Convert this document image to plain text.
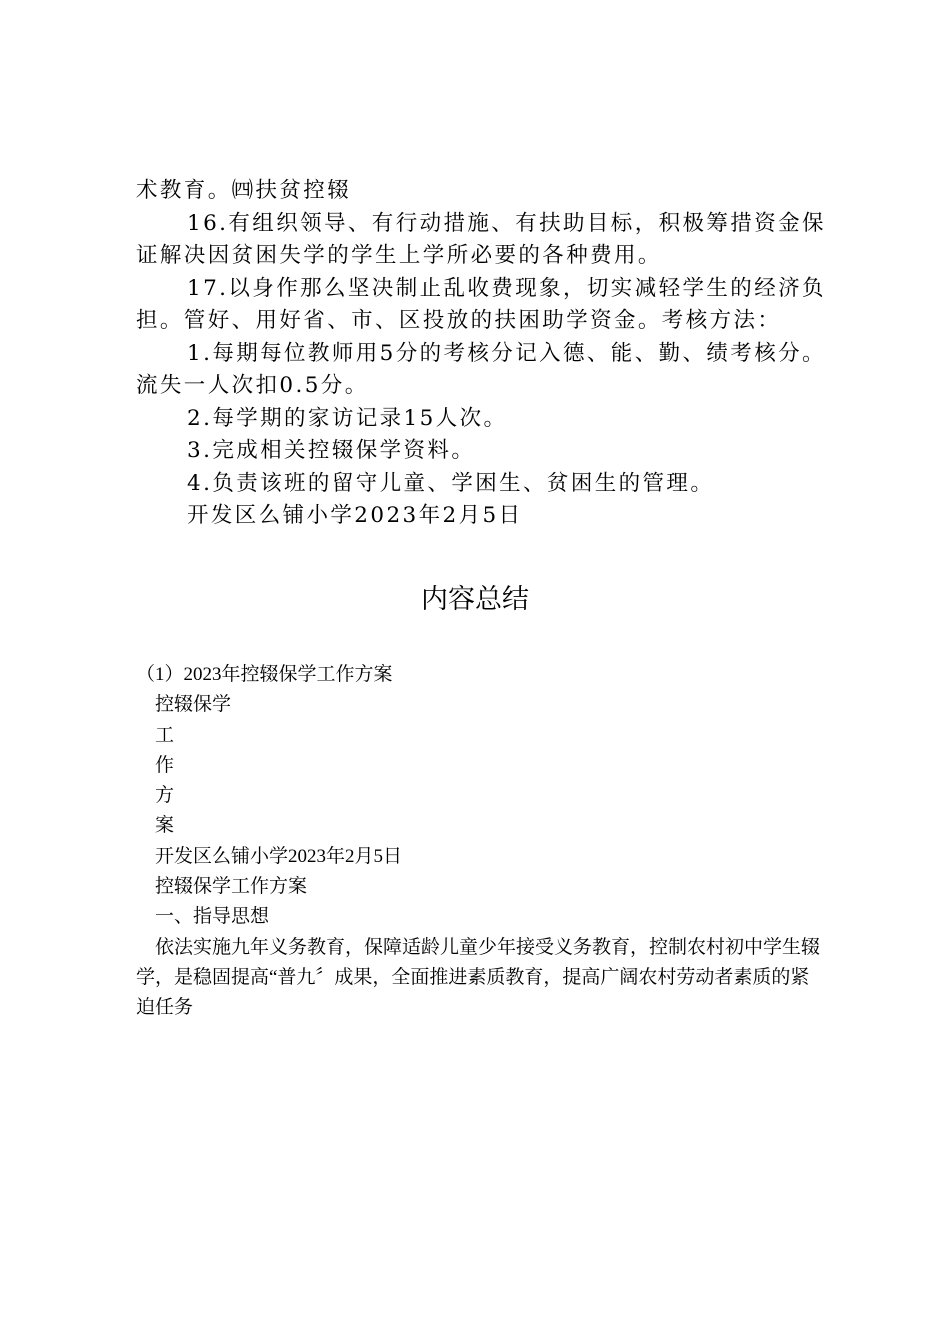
术教育。㈣扶贫控辍

16.有组织领导、有行动措施、有扶助目标，积极筹措资金保证解决因贫困失学的学生上学所必要的各种费用。

17.以身作那么坚决制止乱收费现象，切实减轻学生的经济负担。管好、用好省、市、区投放的扶困助学资金。考核方法：

1.每期每位教师用5分的考核分记入德、能、勤、绩考核分。流失一人次扣0.5分。

2.每学期的家访记录15人次。

3.完成相关控辍保学资料。

4.负责该班的留守儿童、学困生、贫困生的管理。

开发区么铺小学2023年2月5日

内容总结

（1）2023年控辍保学工作方案

控辍保学

工

作

方

案

开发区么铺小学2023年2月5日

控辍保学工作方案

一、指导思想

依法实施九年义务教育，保障适龄儿童少年接受义务教育，控制农村初中学生辍学，是稳固提高“普九〞成果，全面推进素质教育，提高广阔农村劳动者素质的紧迫任务
